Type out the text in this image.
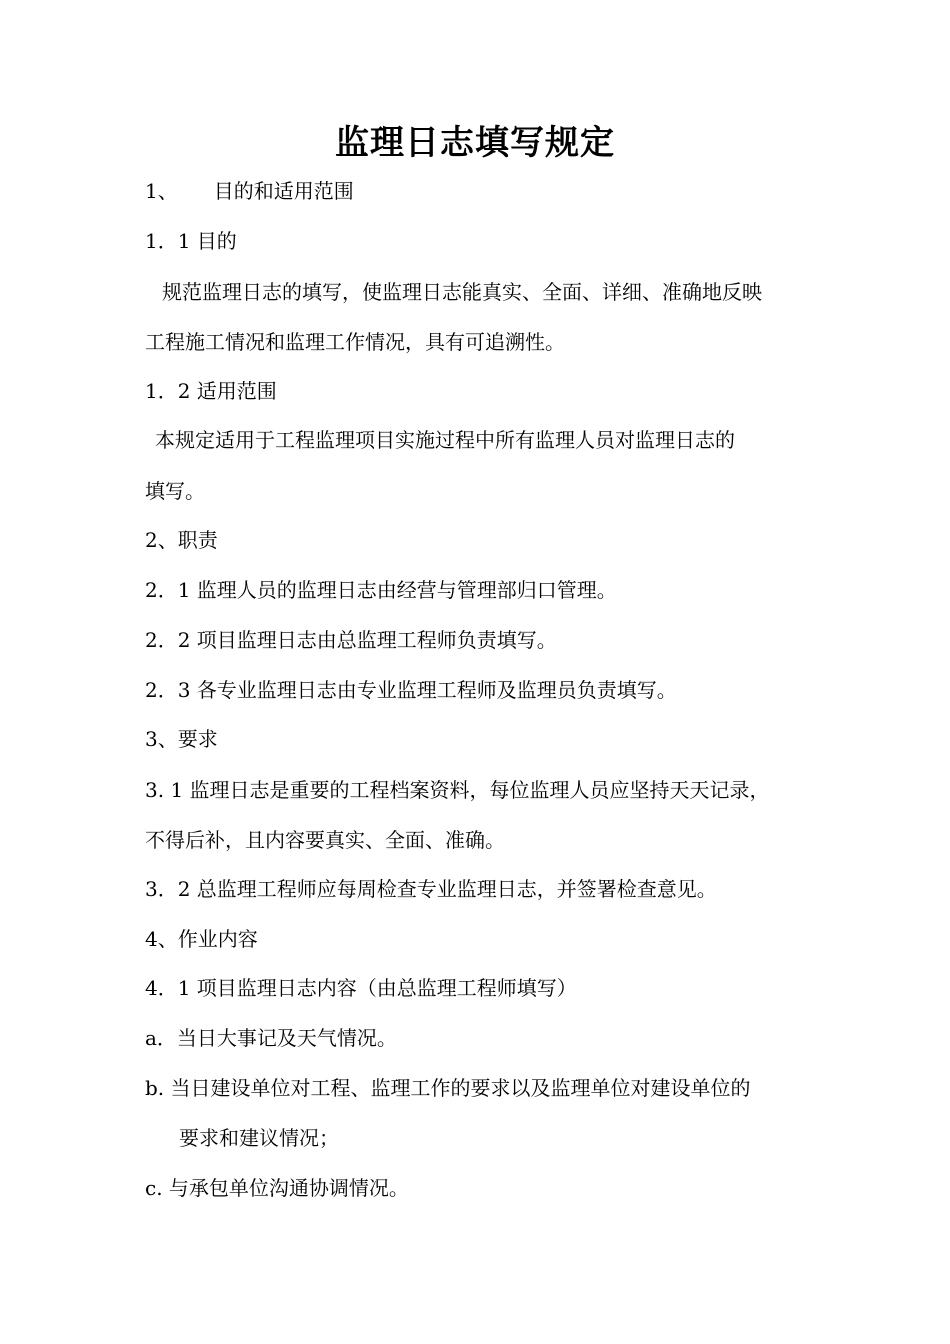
监理日志填写规定
1、 目的和适用范围
1．1 目的
规范监理日志的填写，使监理日志能真实、全面、详细、准确地反映
工程施工情况和监理工作情况，具有可追溯性。
1．2 适用范围
本规定适用于工程监理项目实施过程中所有监理人员对监理日志的
填写。
2、职责
2．1 监理人员的监理日志由经营与管理部归口管理。
2．2 项目监理日志由总监理工程师负责填写。
2．3 各专业监理日志由专业监理工程师及监理员负责填写。
3、要求
3. 1 监理日志是重要的工程档案资料，每位监理人员应坚持天天记录，
不得后补，且内容要真实、全面、准确。
3．2 总监理工程师应每周检查专业监理日志，并签署检查意见。
4、作业内容
4．1 项目监理日志内容（由总监理工程师填写）
a．当日大事记及天气情况。
b. 当日建设单位对工程、监理工作的要求以及监理单位对建设单位的
要求和建议情况；
c. 与承包单位沟通协调情况。
